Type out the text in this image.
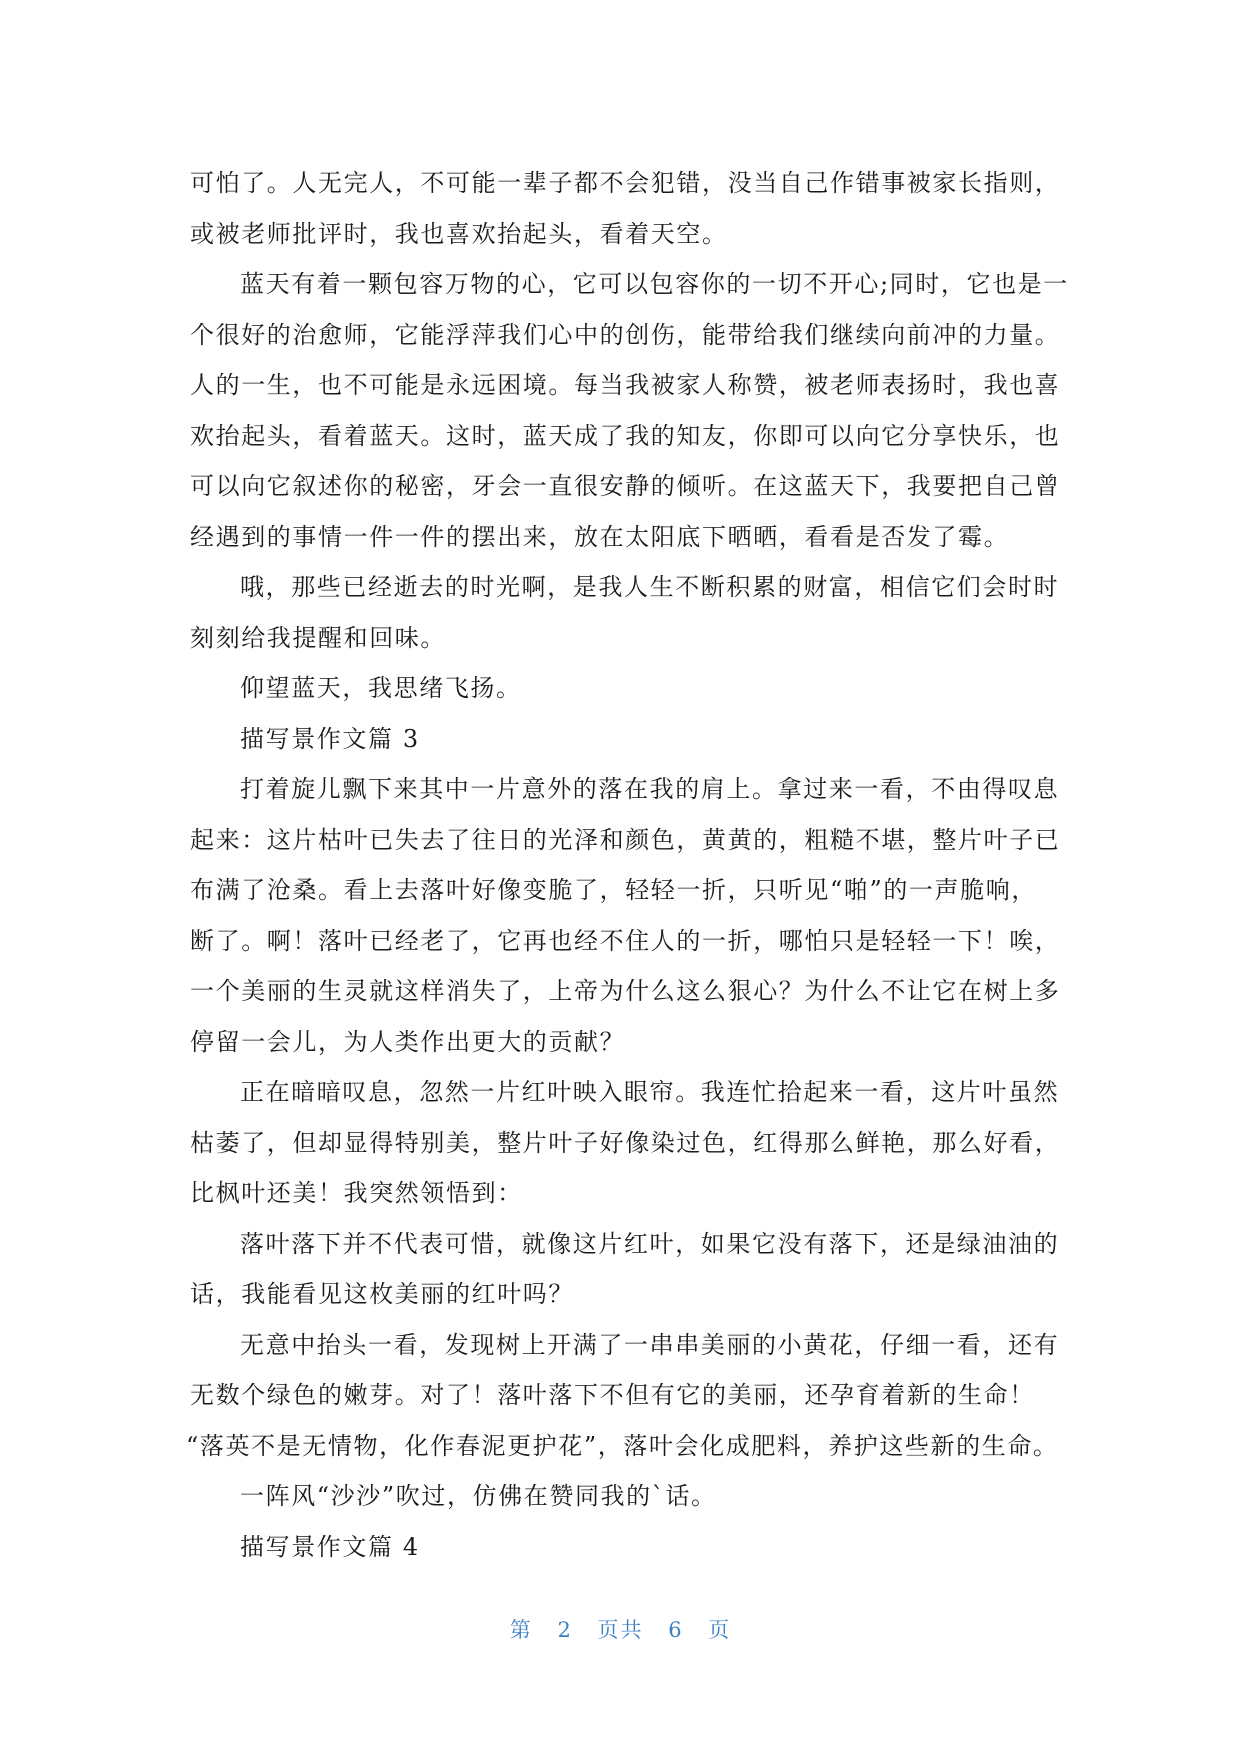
可怕了。人无完人，不可能一辈子都不会犯错，没当自己作错事被家长指则，
或被老师批评时，我也喜欢抬起头，看着天空。
蓝天有着一颗包容万物的心，它可以包容你的一切不开心;同时，它也是一
个很好的治愈师，它能浮萍我们心中的创伤，能带给我们继续向前冲的力量。
人的一生，也不可能是永远困境。每当我被家人称赞，被老师表扬时，我也喜
欢抬起头，看着蓝天。这时，蓝天成了我的知友，你即可以向它分享快乐，也
可以向它叙述你的秘密，牙会一直很安静的倾听。在这蓝天下，我要把自己曾
经遇到的事情一件一件的摆出来，放在太阳底下晒晒，看看是否发了霉。
哦，那些已经逝去的时光啊，是我人生不断积累的财富，相信它们会时时
刻刻给我提醒和回味。
仰望蓝天，我思绪飞扬。
描写景作文篇 3
打着旋儿飘下来其中一片意外的落在我的肩上。拿过来一看，不由得叹息
起来：这片枯叶已失去了往日的光泽和颜色，黄黄的，粗糙不堪，整片叶子已
布满了沧桑。看上去落叶好像变脆了，轻轻一折，只听见“啪”的一声脆响，
断了。啊！落叶已经老了，它再也经不住人的一折，哪怕只是轻轻一下！唉，
一个美丽的生灵就这样消失了，上帝为什么这么狠心？为什么不让它在树上多
停留一会儿，为人类作出更大的贡献？
正在暗暗叹息，忽然一片红叶映入眼帘。我连忙拾起来一看，这片叶虽然
枯萎了，但却显得特别美，整片叶子好像染过色，红得那么鲜艳，那么好看，
比枫叶还美！我突然领悟到：
落叶落下并不代表可惜，就像这片红叶，如果它没有落下，还是绿油油的
话，我能看见这枚美丽的红叶吗？
无意中抬头一看，发现树上开满了一串串美丽的小黄花，仔细一看，还有
无数个绿色的嫩芽。对了！落叶落下不但有它的美丽，还孕育着新的生命！
“落英不是无情物，化作春泥更护花”，落叶会化成肥料，养护这些新的生命。
一阵风“沙沙”吹过，仿佛在赞同我的`话。
描写景作文篇 4
第 2 页共 6 页
